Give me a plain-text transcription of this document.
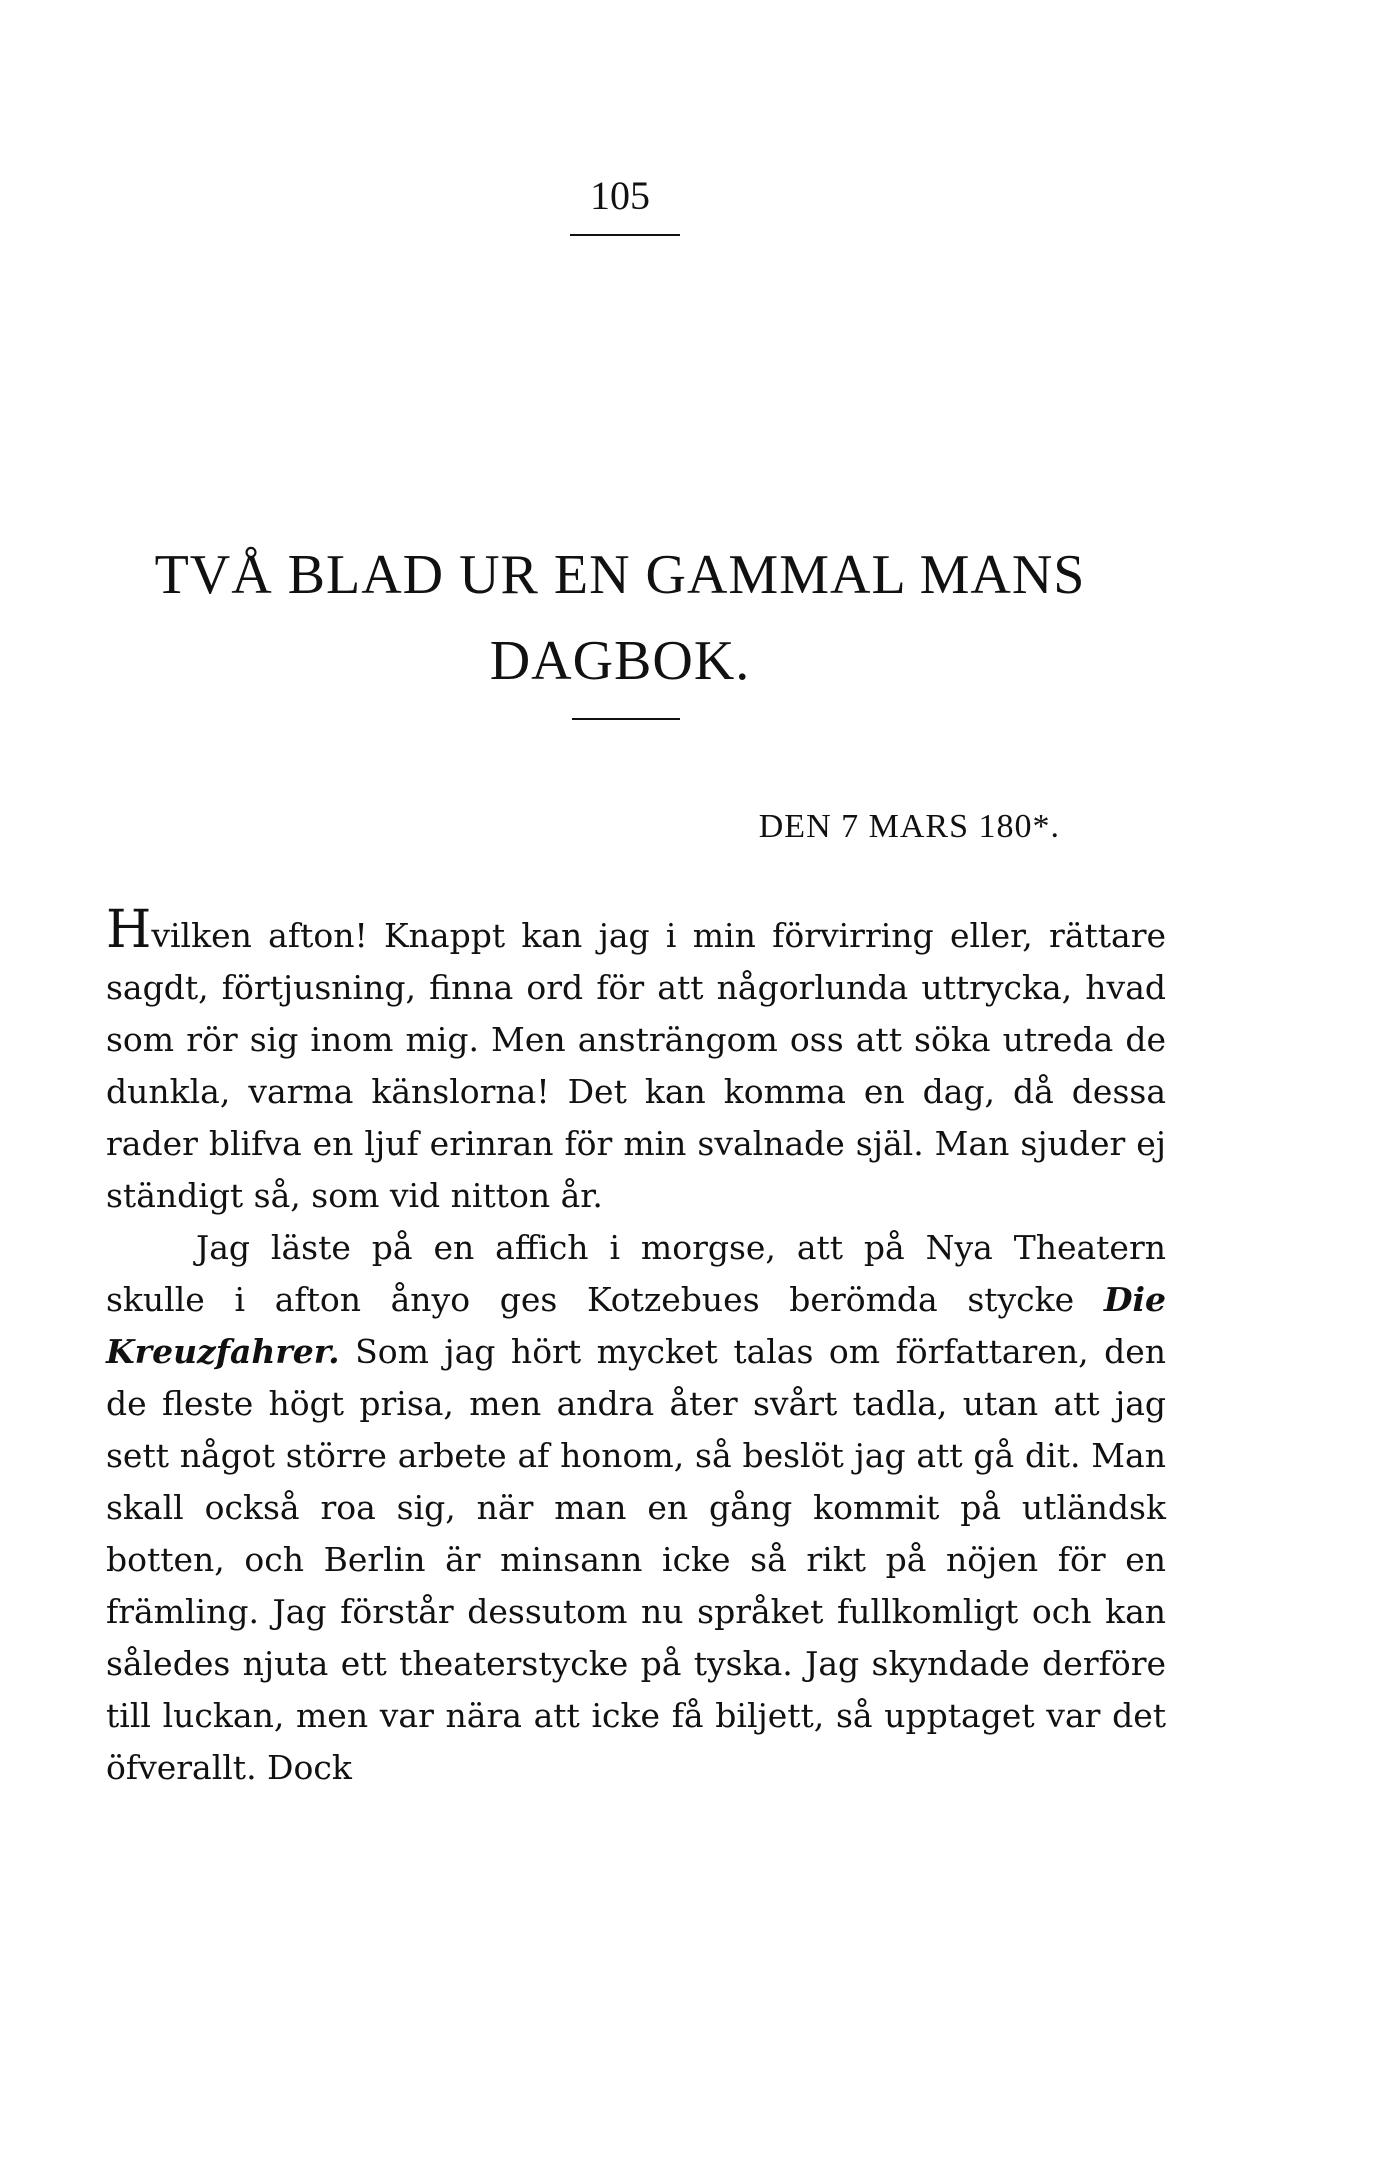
105
TVÅ BLAD UR EN GAMMAL MANS
DAGBOK.
DEN 7 MARS 180*.

Hvilken afton! Knappt kan jag i min förvirring eller, rättare sagdt, förtjusning, finna ord för att någorlunda uttrycka, hvad som rör sig inom mig. Men ansträngom oss att söka utreda de dunkla, varma känslorna! Det kan komma en dag, då dessa rader blifva en ljuf erinran för min svalnade själ. Man sjuder ej ständigt så, som vid nitton år.

Jag läste på en affich i morgse, att på Nya Theatern skulle i afton ånyo ges Kotzebues berömda stycke Die Kreuzfahrer. Som jag hört mycket talas om författaren, den de fleste högt prisa, men andra åter svårt tadla, utan att jag sett något större arbete af honom, så beslöt jag att gå dit. Man skall också roa sig, när man en gång kommit på utländsk botten, och Berlin är minsann icke så rikt på nöjen för en främling. Jag förstår dessutom nu språket fullkomligt och kan således njuta ett theaterstycke på tyska. Jag skyndade derföre till luckan, men var nära att icke få biljett, så upptaget var det öfverallt. Dock
